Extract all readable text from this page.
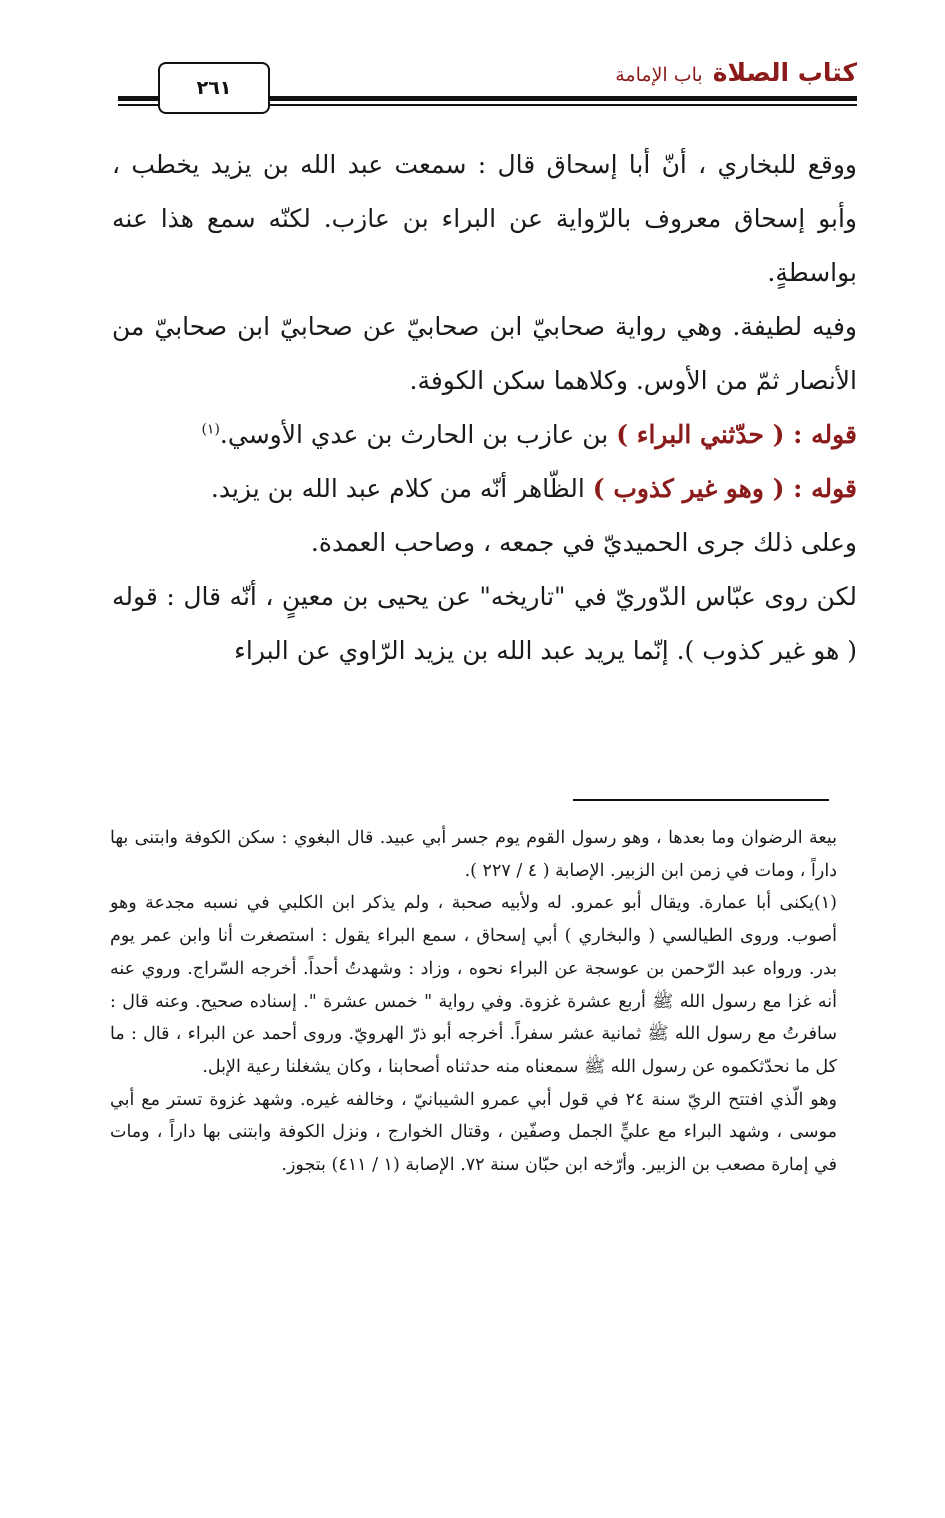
كتاب الصلاة
باب الإمامة
٢٦١

ووقع للبخاري ، أنّ أبا إسحاق قال : سمعت عبد الله بن يزيد يخطب ، وأبو إسحاق معروف بالرّواية عن البراء بن عازب. لكنّه سمع هذا عنه بواسطةٍ.

وفيه لطيفة. وهي رواية صحابيّ ابن صحابيّ عن صحابيّ ابن صحابيّ من الأنصار ثمّ من الأوس. وكلاهما سكن الكوفة.

قوله : ( حدّثني البراء ) بن عازب بن الحارث بن عدي الأوسي.$^{(١)}$

قوله : ( وهو غير كذوب ) الظّاهر أنّه من كلام عبد الله بن يزيد.

وعلى ذلك جرى الحميديّ في جمعه ، وصاحب العمدة.

لكن روى عبّاس الدّوريّ في "تاريخه" عن يحيى بن معينٍ ، أنّه قال : قوله ( هو غير كذوب ). إنّما يريد عبد الله بن يزيد الرّاوي عن البراء

بيعة الرضوان وما بعدها ، وهو رسول القوم يوم جسر أبي عبيد. قال البغوي : سكن الكوفة وابتنى بها داراً ، ومات في زمن ابن الزبير. الإصابة ( ٤ / ٢٢٧ ).

(١)يكنى أبا عمارة. ويقال أبو عمرو. له ولأبيه صحبة ، ولم يذكر ابن الكلبي في نسبه مجدعة وهو أصوب. وروى الطيالسي ( والبخاري ) أبي إسحاق ، سمع البراء يقول : استصغرت أنا وابن عمر يوم بدر. ورواه عبد الرّحمن بن عوسجة عن البراء نحوه ، وزاد : وشهدتُ أحداً. أخرجه السّراج. وروي عنه أنه غزا مع رسول الله ﷺ أربع عشرة غزوة. وفي رواية " خمس عشرة ". إسناده صحيح. وعنه قال : سافرتُ مع رسول الله ﷺ ثمانية عشر سفراً. أخرجه أبو ذرّ الهرويّ. وروى أحمد عن البراء ، قال : ما كل ما نحدّثكموه عن رسول الله ﷺ سمعناه منه حدثناه أصحابنا ، وكان يشغلنا رعية الإبل.

وهو الّذي افتتح الريّ سنة ٢٤ في قول أبي عمرو الشيبانيّ ، وخالفه غيره. وشهد غزوة تستر مع أبي موسى ، وشهد البراء مع عليٍّ الجمل وصفّين ، وقتال الخوارج ، ونزل الكوفة وابتنى بها داراً ، ومات في إمارة مصعب بن الزبير. وأرّخه ابن حبّان سنة ٧٢. الإصابة (١ / ٤١١) بتجوز.
